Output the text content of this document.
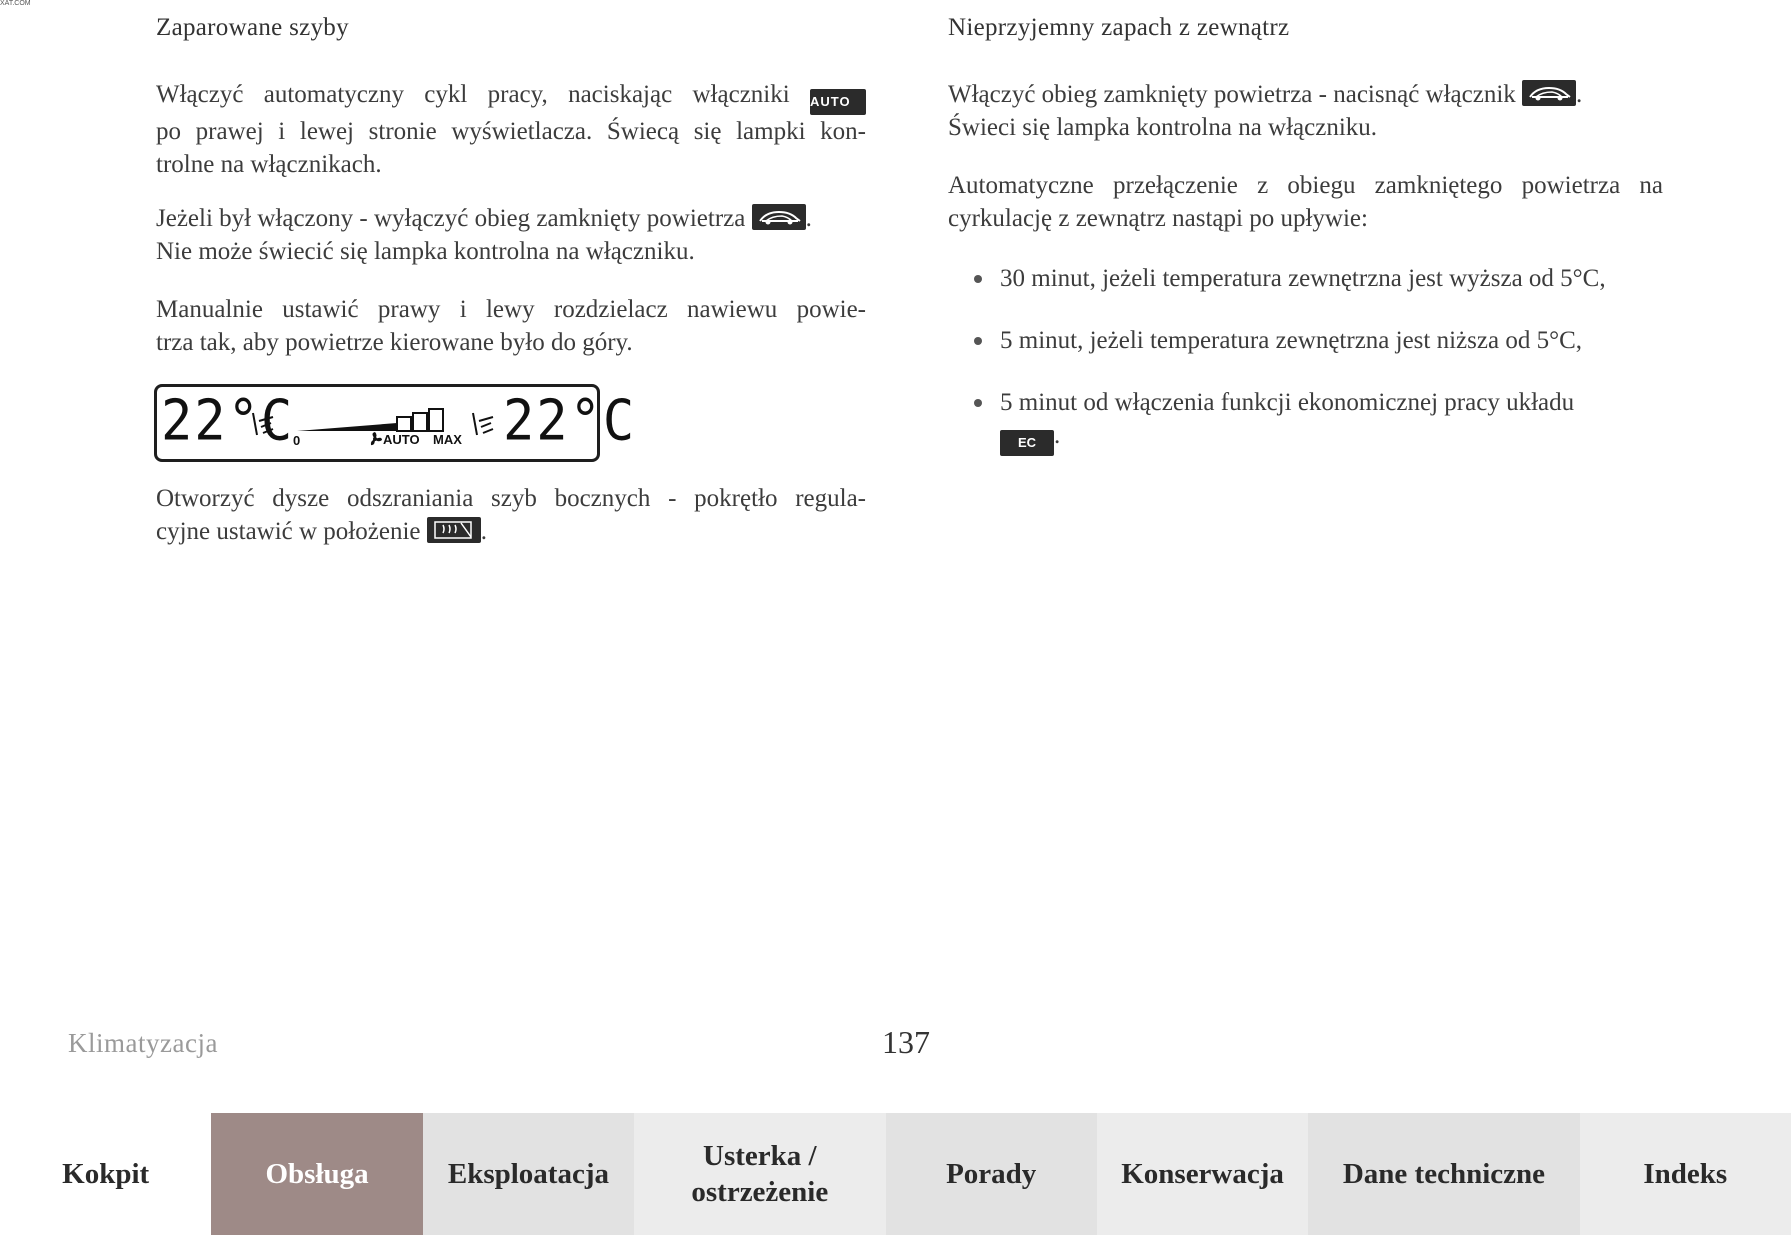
XAT.COM
Zaparowane szyby
Włączyć automatyczny cykl pracy, naciskając włączniki AUTO
po prawej i lewej stronie wyświetlacza. Świecą się lampki kon-
trolne na włącznikach.
Jeżeli był włączony - wyłączyć obieg zamknięty powietrza .
Nie może świecić się lampka kontrolna na włączniku.
Manualnie ustawić prawy i lewy rozdzielacz nawiewu powie-
trza tak, aby powietrze kierowane było do góry.
22°C
0	AUTO MAX 22°C
Otworzyć dysze odszraniania szyb bocznych - pokrętło regula-
cyjne ustawić w położenie .
Nieprzyjemny zapach z zewnątrz
Włączyć obieg zamknięty powietrza - nacisnąć włącznik .
Świeci się lampka kontrolna na włączniku.
Automatyczne przełączenie z obiegu zamkniętego powietrza na
cyrkulację z zewnątrz nastąpi po upływie:
30 minut, jeżeli temperatura zewnętrzna jest wyższa od 5°C,
5 minut, jeżeli temperatura zewnętrzna jest niższa od 5°C,
5 minut od włączenia funkcji ekonomicznej pracy układu
EC .
Klimatyzacja	137
Kokpit	Obsługa	Eksploatacja
Usterka / ostrzeżenie
Porady	Konserwacja	Dane techniczne	Indeks
